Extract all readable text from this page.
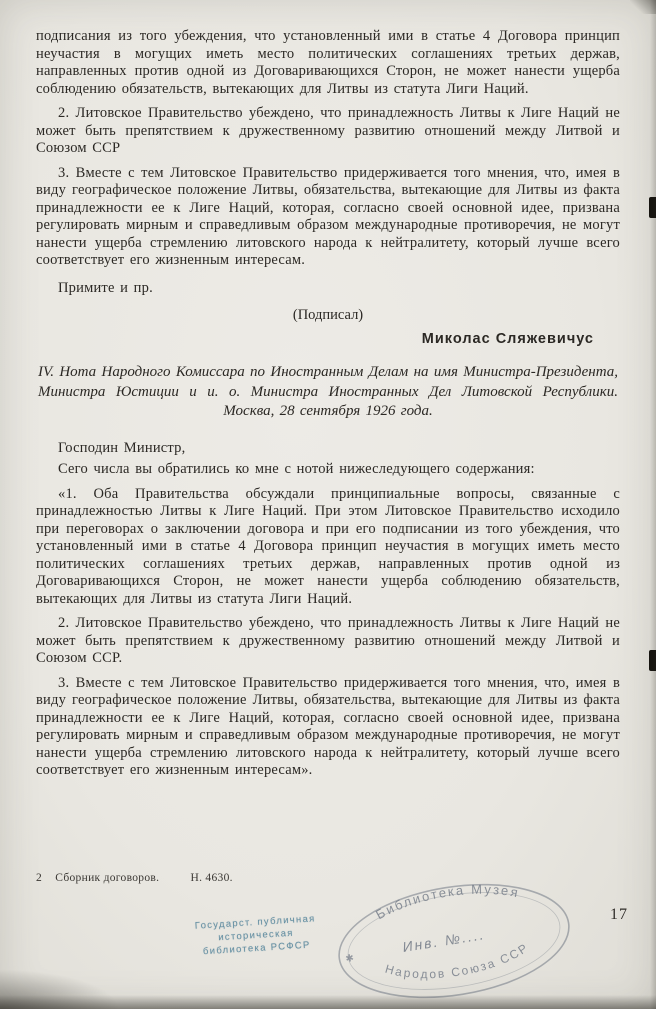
подписания из того убеждения, что установленный ими в статье 4 Договора принцип неучастия в могущих иметь место политических соглашениях третьих держав, направленных против одной из Договаривающихся Сторон, не может нанести ущерба соблюдению обязательств, вытекающих для Литвы из статута Лиги Наций.

2. Литовское Правительство убеждено, что принадлежность Литвы к Лиге Наций не может быть препятствием к дружественному развитию отношений между Литвой и Союзом ССР

3. Вместе с тем Литовское Правительство придерживается того мнения, что, имея в виду географическое положение Литвы, обязательства, вытекающие для Литвы из факта принадлежности ее к Лиге Наций, которая, согласно своей основной идее, призвана регулировать мирным и справедливым образом международные противоречия, не могут нанести ущерба стремлению литовского народа к нейтралитету, который лучше всего соответствует его жизненным интересам.

Примите и пр.

(Подписал)
Миколас Сляжевичус
IV. Нота Народного Комиссара по Иностранным Делам на имя Министра-Президента, Министра Юстиции и и. о. Министра Иностранных Дел Литовской Республики. Москва, 28 сентября 1926 года.

Господин Министр,

Сего числа вы обратились ко мне с нотой нижеследующего содержания:

«1. Оба Правительства обсуждали принципиальные вопросы, связанные с принадлежностью Литвы к Лиге Наций. При этом Литовское Правительство исходило при переговорах о заключении договора и при его подписании из того убеждения, что установленный ими в статье 4 Договора принцип неучастия в могущих иметь место политических соглашениях третьих держав, направленных против одной из Договаривающихся Сторон, не может нанести ущерба соблюдению обязательств, вытекающих для Литвы из статута Лиги Наций.

2. Литовское Правительство убеждено, что принадлежность Литвы к Лиге Наций не может быть препятствием к дружественному развитию отношений между Литвой и Союзом ССР.

3. Вместе с тем Литовское Правительство придерживается того мнения, что, имея в виду географическое положение Литвы, обязательства, вытекающие для Литвы из факта принадлежности ее к Лиге Наций, которая, согласно своей основной идее, призвана регулировать мирным и справедливым образом международные противоречия, не могут нанести ущерба стремлению литовского народа к нейтралитету, который лучше всего соответствует его жизненным интересам».

2 Сборник договоров.	Н. 4630.
17
Государст. публичная
историческая
библиотека РСФСР
Библиотека Музея
Народов Союза ССР
✱
Инв. №....
